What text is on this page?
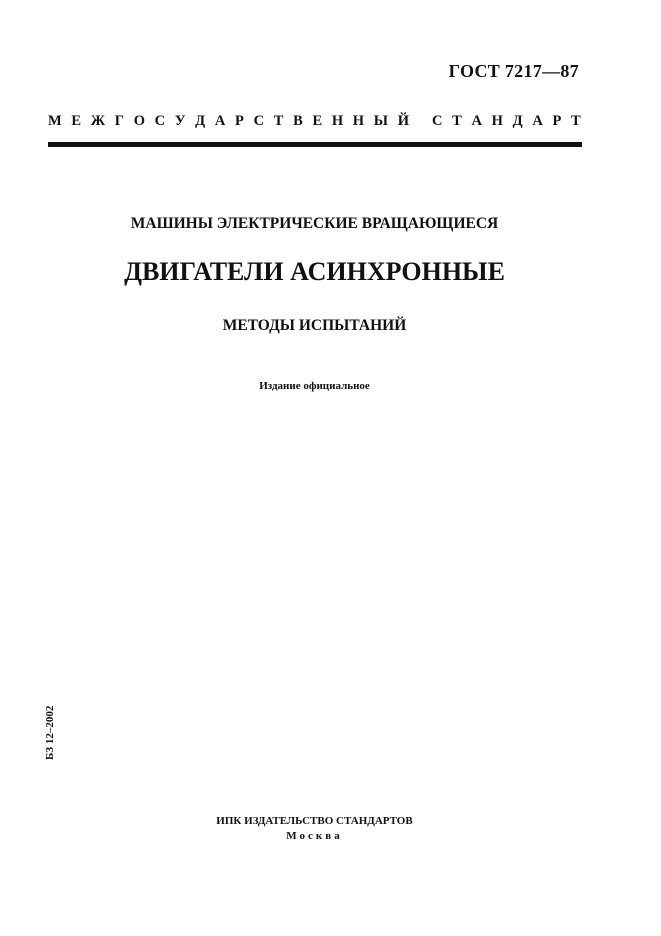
ГОСТ 7217—87
М Е Ж Г О С У Д А Р С Т В Е Н Н Ы Й
С Т А Н Д А Р Т
МАШИНЫ ЭЛЕКТРИЧЕСКИЕ ВРАЩАЮЩИЕСЯ
ДВИГАТЕЛИ АСИНХРОННЫЕ
МЕТОДЫ ИСПЫТАНИЙ
Издание официальное
БЗ 12–2002
ИПК ИЗДАТЕЛЬСТВО СТАНДАРТОВ
Москва
